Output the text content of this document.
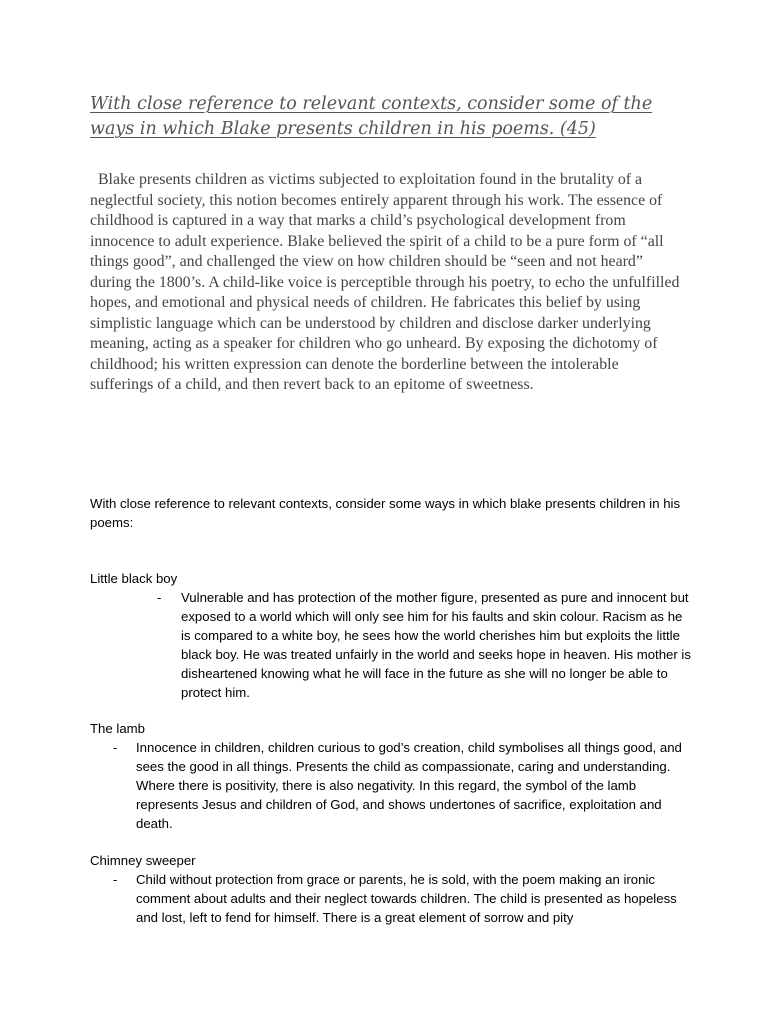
With close reference to relevant contexts, consider some of the ways in which Blake presents children in his poems. (45)

Blake presents children as victims subjected to exploitation found in the brutality of a neglectful society, this notion becomes entirely apparent through his work. The essence of childhood is captured in a way that marks a child’s psychological development from innocence to adult experience. Blake believed the spirit of a child to be a pure form of “all things good”, and challenged the view on how children should be “seen and not heard” during the 1800’s. A child-like voice is perceptible through his poetry, to echo the unfulfilled hopes, and emotional and physical needs of children. He fabricates this belief by using simplistic language which can be understood by children and disclose darker underlying meaning, acting as a speaker for children who go unheard. By exposing the dichotomy of childhood; his written expression can denote the borderline between the intolerable sufferings of a child, and then revert back to an epitome of sweetness.

With close reference to relevant contexts, consider some ways in which blake presents children in his poems:

Little black boy

- Vulnerable and has protection of the mother figure, presented as pure and innocent but exposed to a world which will only see him for his faults and skin colour. Racism as he is compared to a white boy, he sees how the world cherishes him but exploits the little black boy. He was treated unfairly in the world and seeks hope in heaven. His mother is disheartened knowing what he will face in the future as she will no longer be able to protect him.

The lamb

- Innocence in children, children curious to god’s creation, child symbolises all things good, and sees the good in all things. Presents the child as compassionate, caring and understanding. Where there is positivity, there is also negativity. In this regard, the symbol of the lamb represents Jesus and children of God, and shows undertones of sacrifice, exploitation and death.

Chimney sweeper

- Child without protection from grace or parents, he is sold, with the poem making an ironic comment about adults and their neglect towards children. The child is presented as hopeless and lost, left to fend for himself. There is a great element of sorrow and pity
